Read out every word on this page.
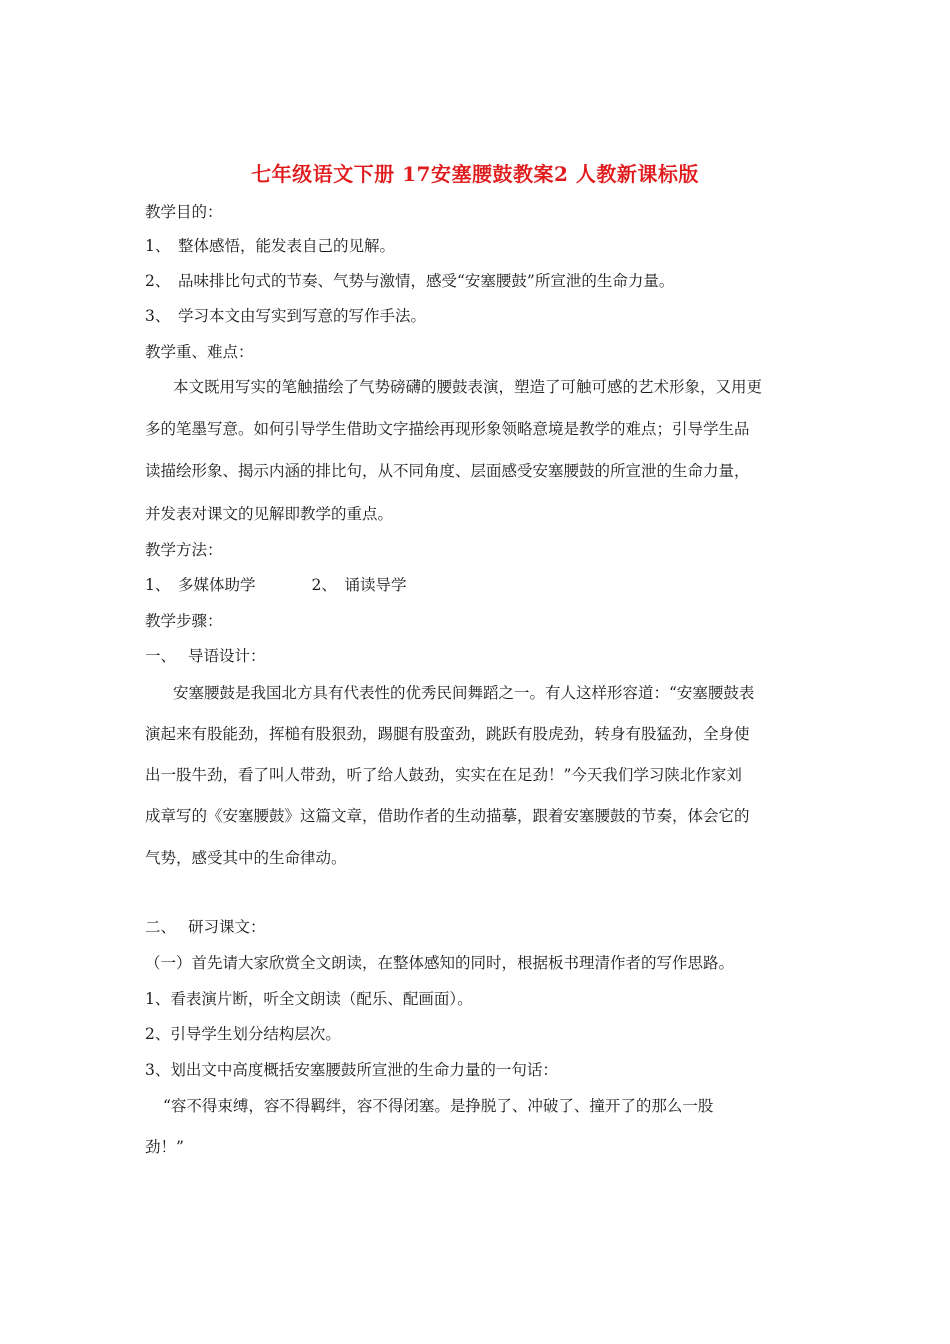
七年级语文下册 17安塞腰鼓教案2 人教新课标版
教学目的：
1、 整体感悟，能发表自己的见解。
2、 品味排比句式的节奏、气势与激情，感受“安塞腰鼓”所宣泄的生命力量。
3、 学习本文由写实到写意的写作手法。
教学重、难点：
本文既用写实的笔触描绘了气势磅礴的腰鼓表演，塑造了可触可感的艺术形象，又用更
多的笔墨写意。如何引导学生借助文字描绘再现形象领略意境是教学的难点；引导学生品
读描绘形象、揭示内涵的排比句，从不同角度、层面感受安塞腰鼓的所宣泄的生命力量，
并发表对课文的见解即教学的重点。
教学方法：
1、 多媒体助学	2、 诵读导学
教学步骤：
一、 导语设计：
安塞腰鼓是我国北方具有代表性的优秀民间舞蹈之一。有人这样形容道：“安塞腰鼓表
演起来有股能劲，挥槌有股狠劲，踢腿有股蛮劲，跳跃有股虎劲，转身有股猛劲，全身使
出一股牛劲，看了叫人带劲，听了给人鼓劲，实实在在足劲！”今天我们学习陕北作家刘
成章写的《安塞腰鼓》这篇文章，借助作者的生动描摹，跟着安塞腰鼓的节奏，体会它的
气势，感受其中的生命律动。
二、 研习课文：
（一）首先请大家欣赏全文朗读，在整体感知的同时，根据板书理清作者的写作思路。
1、看表演片断，听全文朗读（配乐、配画面）。
2、引导学生划分结构层次。
3、划出文中高度概括安塞腰鼓所宣泄的生命力量的一句话：
“容不得束缚，容不得羁绊，容不得闭塞。是挣脱了、冲破了、撞开了的那么一股
劲！”
